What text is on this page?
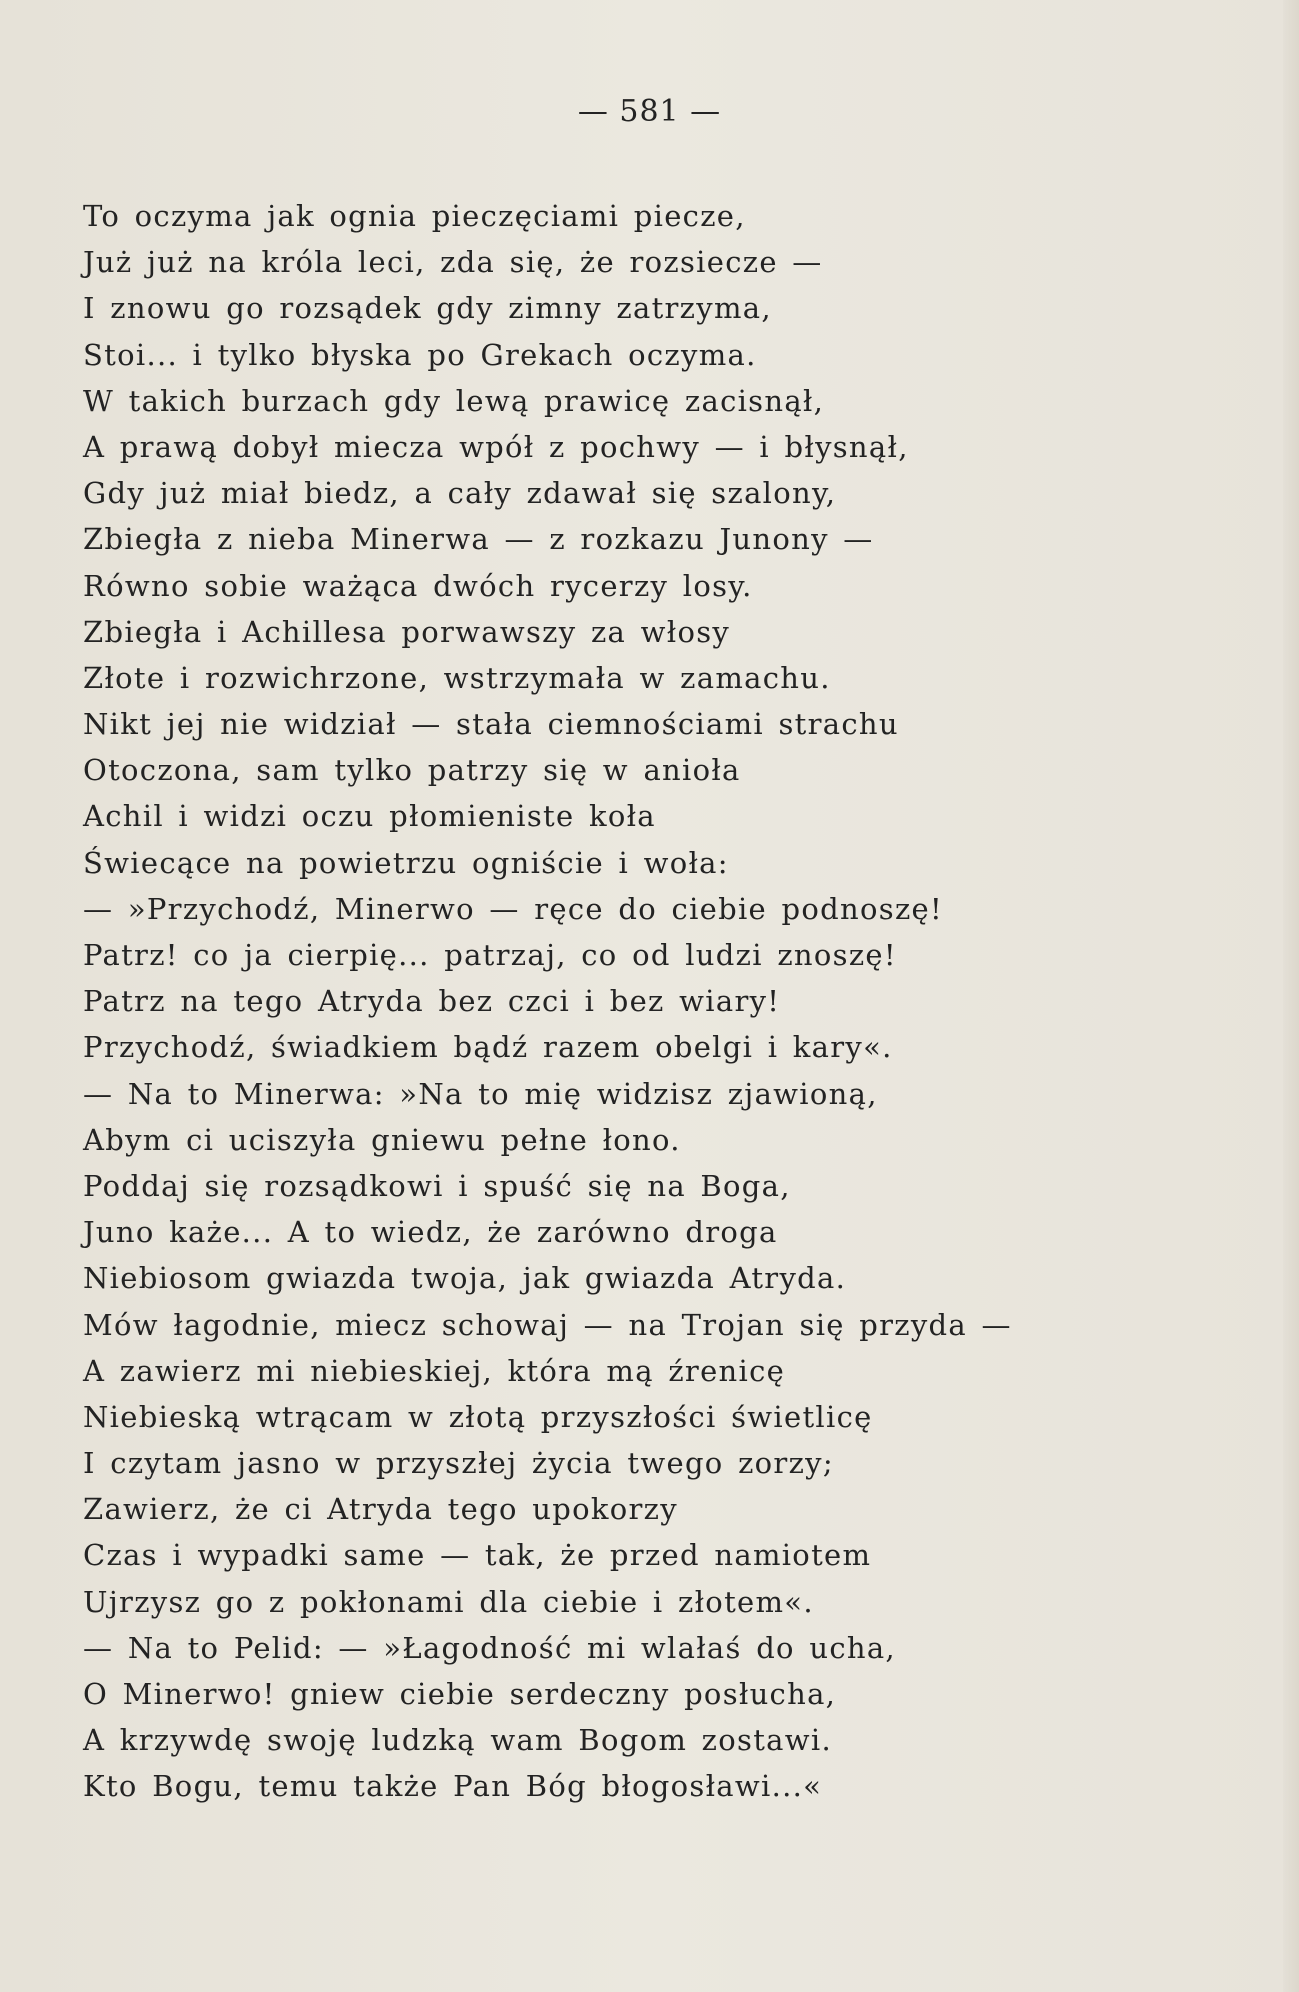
— 581 —
To oczyma jak ognia pieczęciami piecze,
Już już na króla leci, zda się, że rozsiecze —
I znowu go rozsądek gdy zimny zatrzyma,
Stoi... i tylko błyska po Grekach oczyma.
W takich burzach gdy lewą prawicę zacisnął,
A prawą dobył miecza wpół z pochwy — i błysnął,
Gdy już miał biedz, a cały zdawał się szalony,
Zbiegła z nieba Minerwa — z rozkazu Junony —
Równo sobie ważąca dwóch rycerzy losy.
Zbiegła i Achillesa porwawszy za włosy
Złote i rozwichrzone, wstrzymała w zamachu.
Nikt jej nie widział — stała ciemnościami strachu
Otoczona, sam tylko patrzy się w anioła
Achil i widzi oczu płomieniste koła
Świecące na powietrzu ogniście i woła:
— »Przychodź, Minerwo — ręce do ciebie podnoszę!
Patrz! co ja cierpię... patrzaj, co od ludzi znoszę!
Patrz na tego Atryda bez czci i bez wiary!
Przychodź, świadkiem bądź razem obelgi i kary«.
— Na to Minerwa: »Na to mię widzisz zjawioną,
Abym ci uciszyła gniewu pełne łono.
Poddaj się rozsądkowi i spuść się na Boga,
Juno każe... A to wiedz, że zarówno droga
Niebiosom gwiazda twoja, jak gwiazda Atryda.
Mów łagodnie, miecz schowaj — na Trojan się przyda —
A zawierz mi niebieskiej, która mą źrenicę
Niebieską wtrącam w złotą przyszłości świetlicę
I czytam jasno w przyszłej życia twego zorzy;
Zawierz, że ci Atryda tego upokorzy
Czas i wypadki same — tak, że przed namiotem
Ujrzysz go z pokłonami dla ciebie i złotem«.
— Na to Pelid: — »Łagodność mi wlałaś do ucha,
O Minerwo! gniew ciebie serdeczny posłucha,
A krzywdę swoję ludzką wam Bogom zostawi.
Kto Bogu, temu także Pan Bóg błogosławi...«
